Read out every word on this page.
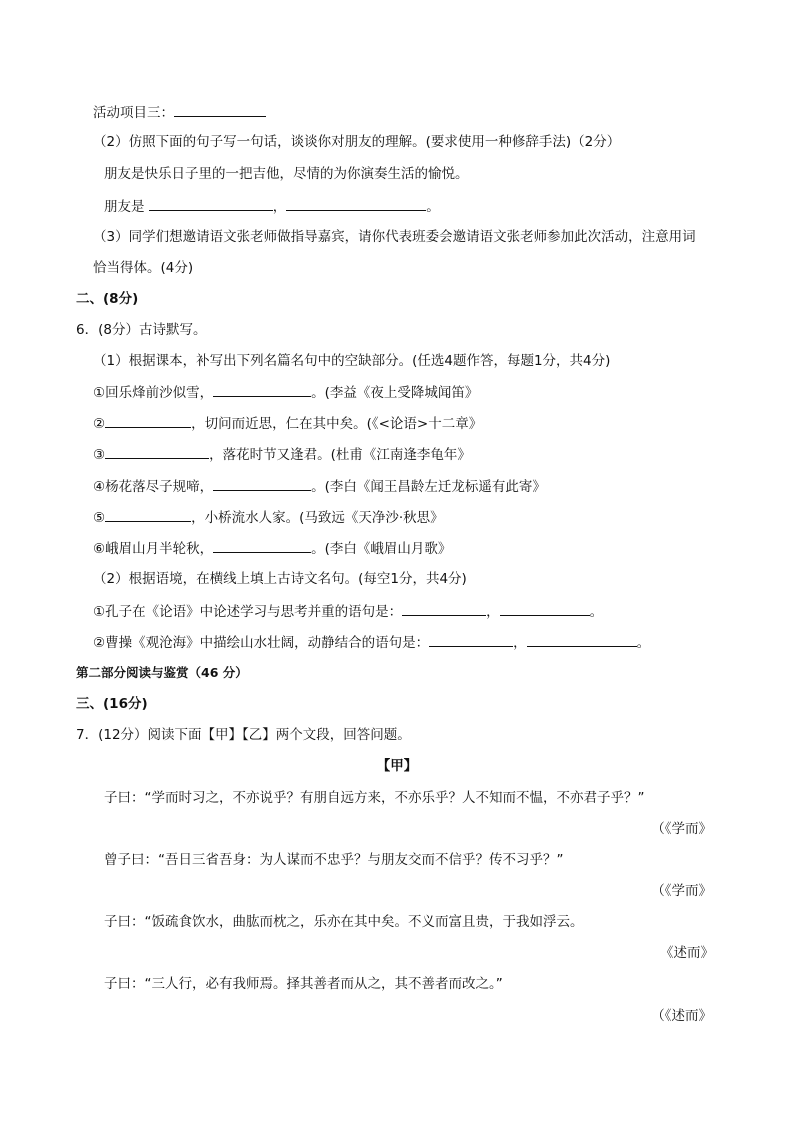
活动项目三：
（2）仿照下面的句子写一句话，谈谈你对朋友的理解。(要求使用一种修辞手法)（2分）
朋友是快乐日子里的一把吉他，尽情的为你演奏生活的愉悦。
朋友是	，	。
（3）同学们想邀请语文张老师做指导嘉宾，请你代表班委会邀请语文张老师参加此次活动，注意用词
恰当得体。(4分)
二、(8分)
6．(8分）古诗默写。
（1）根据课本，补写出下列名篇名句中的空缺部分。(任选4题作答，每题1分，共4分)
①回乐烽前沙似雪，	。(李益《夜上受降城闻笛》
②	，切问而近思，仁在其中矣。(《<论语>十二章》
③	，落花时节又逢君。(杜甫《江南逢李龟年》
④杨花落尽子规啼，	。(李白《闻王昌龄左迁龙标遥有此寄》
⑤	，小桥流水人家。(马致远《天净沙·秋思》
⑥峨眉山月半轮秋，	。(李白《峨眉山月歌》
（2）根据语境，在横线上填上古诗文名句。(每空1分，共4分)
①孔子在《论语》中论述学习与思考并重的语句是：	，	。
②曹操《观沧海》中描绘山水壮阔，动静结合的语句是：	，	。
第二部分阅读与鉴赏（46 分）
三、(16分)
7．(12分）阅读下面【甲】【乙】两个文段，回答问题。
【甲】
子曰：“学而时习之，不亦说乎？有朋自远方来，不亦乐乎？人不知而不愠，不亦君子乎？”
（《学而》
曾子曰：“吾日三省吾身：为人谋而不忠乎？与朋友交而不信乎？传不习乎？”
（《学而》
子曰：“饭疏食饮水，曲肱而枕之，乐亦在其中矣。不义而富且贵，于我如浮云。
《述而》
子曰：“三人行，必有我师焉。择其善者而从之，其不善者而改之。”
（《述而》
